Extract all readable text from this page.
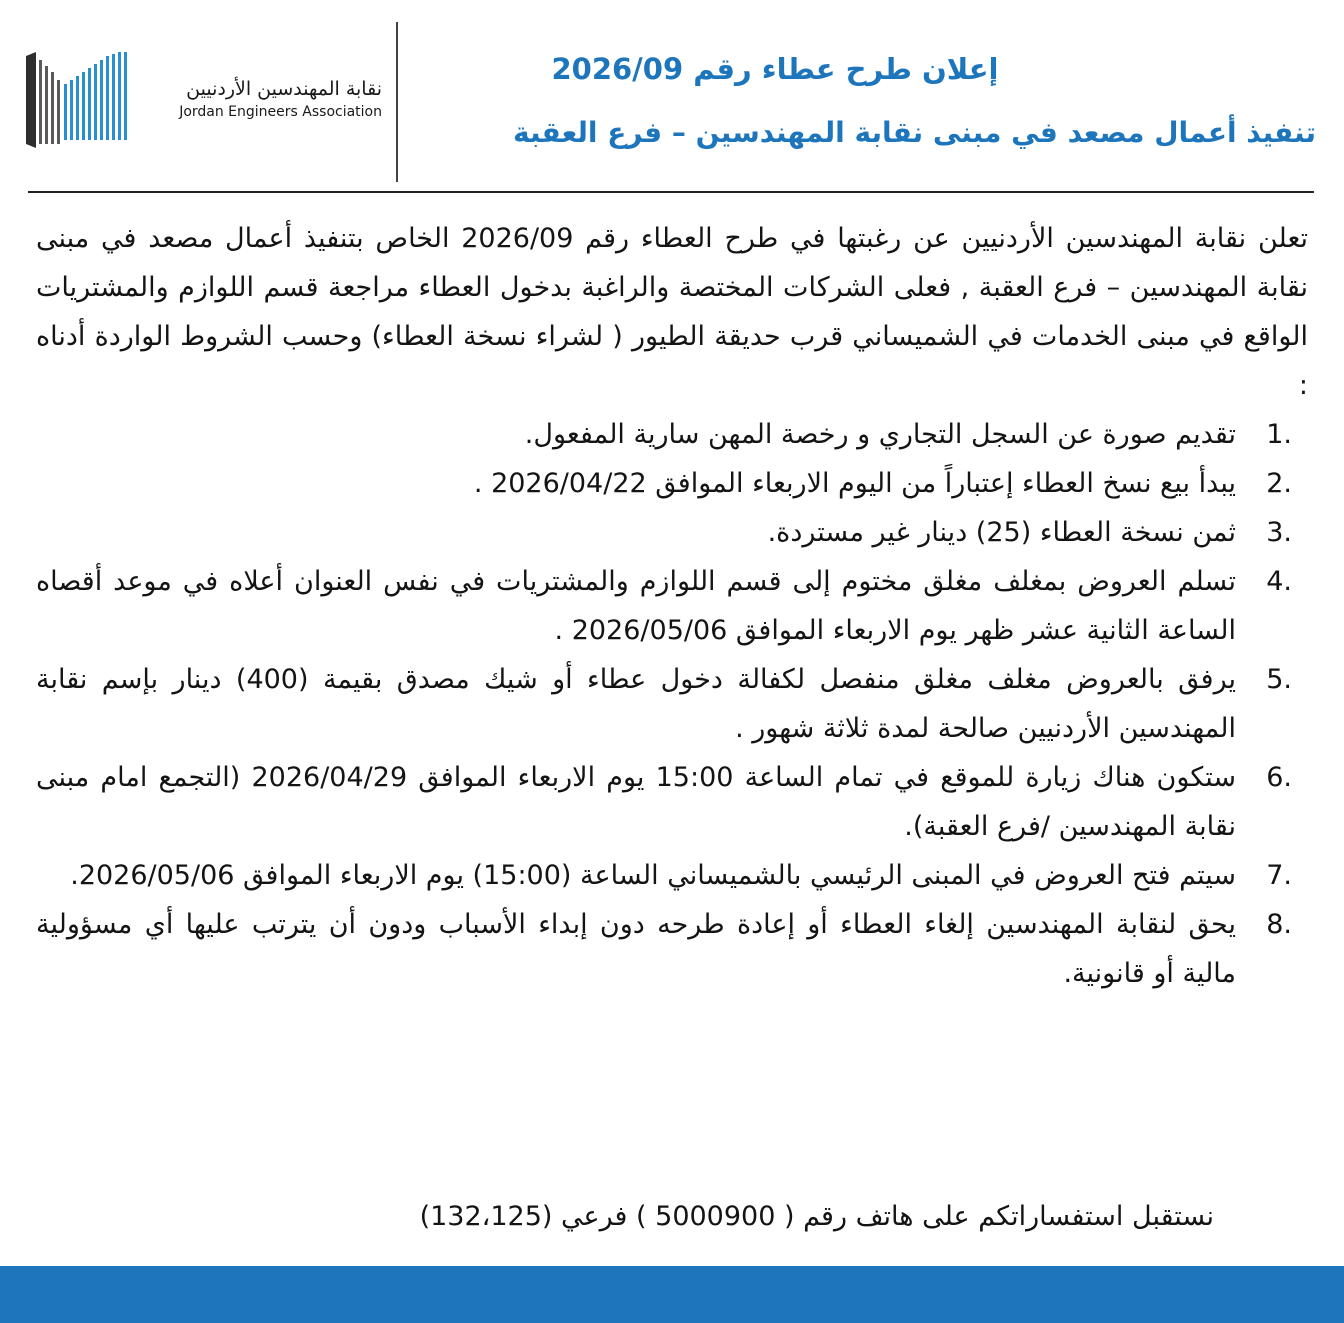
نقابة المهندسين الأردنيين
Jordan Engineers Association
إعلان طرح عطاء رقم 2026/09
تنفيذ أعمال مصعد في مبنى نقابة المهندسين – فرع العقبة

تعلن نقابة المهندسين الأردنيين عن رغبتها في طرح العطاء رقم 2026/09 الخاص بتنفيذ أعمال مصعد في مبنى نقابة المهندسين – فرع العقبة , فعلى الشركات المختصة والراغبة بدخول العطاء مراجعة قسم اللوازم والمشتريات الواقع في مبنى الخدمات في الشميساني قرب حديقة الطيور ( لشراء نسخة العطاء) وحسب الشروط الواردة أدناه :

1.
تقديم صورة عن السجل التجاري و رخصة المهن سارية المفعول.
2.
يبدأ بيع نسخ العطاء إعتباراً من اليوم الاربعاء الموافق 2026/04/22 .
3.
ثمن نسخة العطاء (25) دينار غير مستردة.
4.
تسلم العروض بمغلف مغلق مختوم إلى قسم اللوازم والمشتريات في نفس العنوان أعلاه في موعد أقصاه الساعة الثانية عشر ظهر يوم الاربعاء الموافق 2026/05/06 .
5.
يرفق بالعروض مغلف مغلق منفصل لكفالة دخول عطاء أو شيك مصدق بقيمة (400) دينار بإسم نقابة المهندسين الأردنيين صالحة لمدة ثلاثة شهور .
6.
ستكون هناك زيارة للموقع في تمام الساعة 15:00 يوم الاربعاء الموافق 2026/04/29 (التجمع امام مبنى نقابة المهندسين /فرع العقبة).
7.
سيتم فتح العروض في المبنى الرئيسي بالشميساني الساعة (15:00) يوم الاربعاء الموافق 2026/05/06.
8.
يحق لنقابة المهندسين إلغاء العطاء أو إعادة طرحه دون إبداء الأسباب ودون أن يترتب عليها أي مسؤولية مالية أو قانونية.
نستقبل استفساراتكم على هاتف رقم ( 5000900 ) فرعي (132،125)
